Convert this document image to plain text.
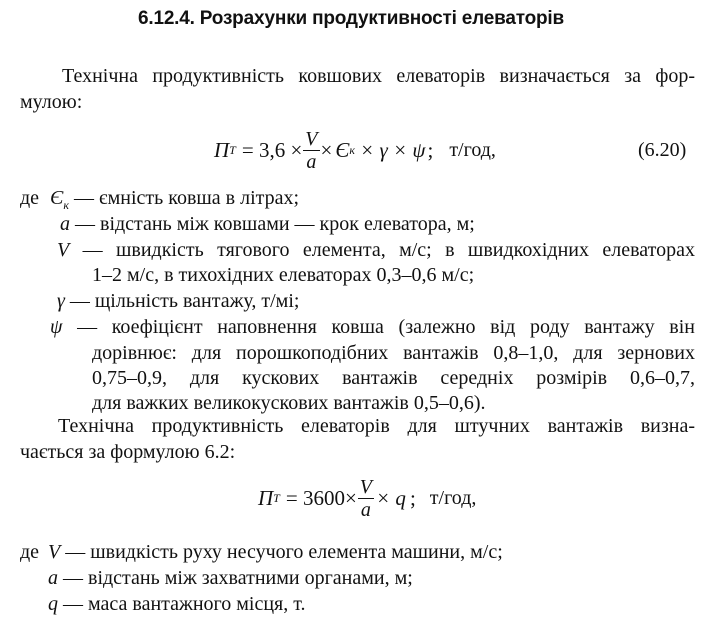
6.12.4. Розрахунки продуктивності елеваторів
Технічна продуктивність ковшових елеваторів визначається за фор-
мулою:
П $Т = 3,6 \times \frac{V}{a} \times Є$ к × γ × ψ ; т/год,	(6.20)
де $Є_к$ — ємність ковша в літрах;
a — відстань між ковшами — крок елеватора, м;
V — швидкість тягового елемента, м/с; в швидкохідних елеваторах
1–2 м/с, в тихохідних елеваторах 0,3–0,6 м/с;
γ — щільність вантажу, т/мі;
ψ — коефіцієнт наповнення ковша (залежно від роду вантажу він
дорівнює: для порошкоподібних вантажів 0,8–1,0, для зернових
0,75–0,9, для кускових вантажів середніх розмірів 0,6–0,7,
для важких великокускових вантажів 0,5–0,6).
Технічна продуктивність елеваторів для штучних вантажів визна-
чається за формулою 6.2:
П $Т = 3600\times \frac{V}{a} \times q$ ; т/год,
де V — швидкість руху несучого елемента машини, м/с;
a — відстань між захватними органами, м;
q — маса вантажного місця, т.
